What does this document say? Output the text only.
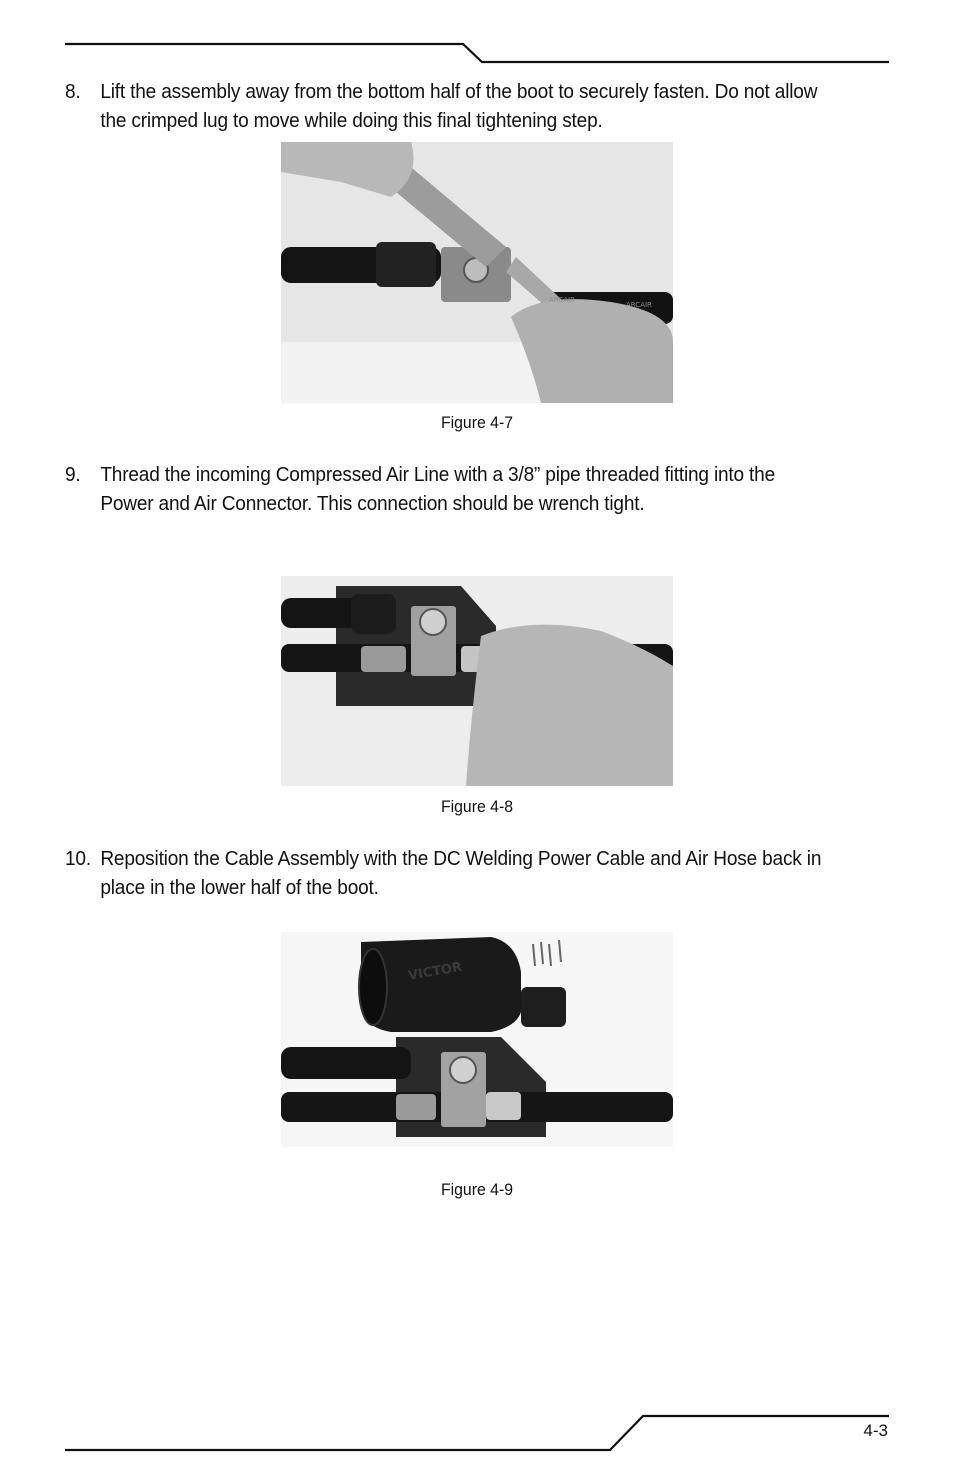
8. Lift the assembly away from the bottom half of the boot to securely fasten. Do not allow the crimped lug to move while doing this final tightening step.
ARCAIR
ARCAIR
Figure 4-7
9. Thread the incoming Compressed Air Line with a 3/8” pipe threaded fitting into the Power and Air Connector. This connection should be wrench tight.
Figure 4-8
10. Reposition the Cable Assembly with the DC Welding Power Cable and Air Hose back in place in the lower half of the boot.
VICTOR
Figure 4-9
4-3
